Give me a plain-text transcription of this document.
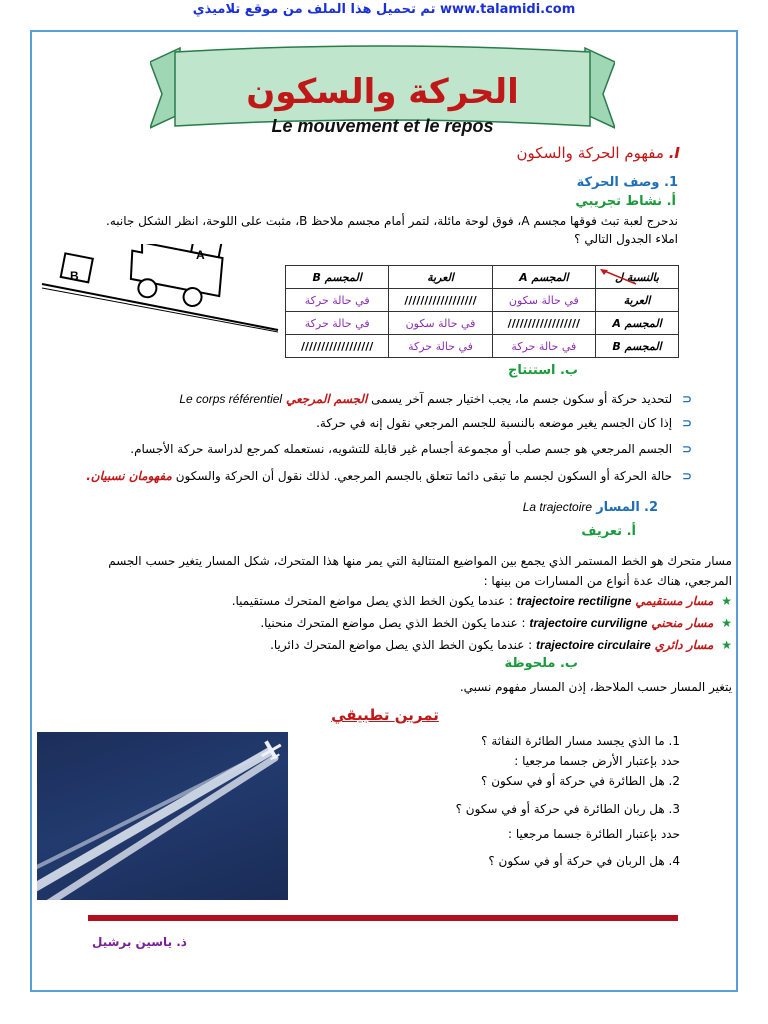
تم تحميل هذا الملف من موقع تلاميذي www.talamidi.com
الحركة والسكون
Le mouvement et le repos
I. مفهوم الحركة والسكون
1. وصف الحركة
أ. نشاط تجريبي
ندحرج لعبة تبث فوقها مجسم A، فوق لوحة مائلة، لتمر أمام مجسم ملاحظ B، مثبت على اللوحة، انظر الشكل جانبه.
املاء الجدول التالي ؟
B
A
بالنسبة ل	المجسم A	العربة	المجسم B
العربة	في حالة سكون	//////////////////	في حالة حركة
المجسم A	//////////////////	في حالة سكون	في حالة حركة
المجسم B	في حالة حركة	في حالة حركة	//////////////////
ب. استنتاج
⊂ لتحديد حركة أو سكون جسم ما، يجب اختيار جسم آخر يسمى الجسم المرجعي Le corps référentiel
⊂ إذا كان الجسم يغير موضعه بالنسبة للجسم المرجعي نقول إنه في حركة.
⊂ الجسم المرجعي هو جسم صلب أو مجموعة أجسام غير قابلة للتشويه، نستعمله كمرجع لدراسة حركة الأجسام.
⊂ حالة الحركة أو السكون لجسم ما تبقى دائما تتعلق بالجسم المرجعي. لذلك نقول أن الحركة والسكون مفهومان نسبيان.
2. المسار La trajectoire
أ. تعريف
مسار متحرك هو الخط المستمر الذي يجمع بين المواضيع المتتالية التي يمر منها هذا المتحرك، شكل المسار يتغير حسب الجسم
المرجعي، هناك عدة أنواع من المسارات من بينها :
★ مسار مستقيمي trajectoire rectiligne : عندما يكون الخط الذي يصل مواضع المتحرك مستقيميا.
★ مسار منحني trajectoire curviligne : عندما يكون الخط الذي يصل مواضع المتحرك منحنيا.
★ مسار دائري trajectoire circulaire : عندما يكون الخط الذي يصل مواضع المتحرك دائريا.
ب. ملحوظة
يتغير المسار حسب الملاحظ، إذن المسار مفهوم نسبي.
تمرين تطبيقي
1. ما الذي يجسد مسار الطائرة النفاثة ؟
حدد بإعتبار الأرض جسما مرجعيا :
2. هل الطائرة في حركة أو في سكون ؟
3. هل ربان الطائرة في حركة أو في سكون ؟
حدد بإعتبار الطائرة جسما مرجعيا :
4. هل الربان في حركة أو في سكون ؟
ذ. ياسين برشيل
